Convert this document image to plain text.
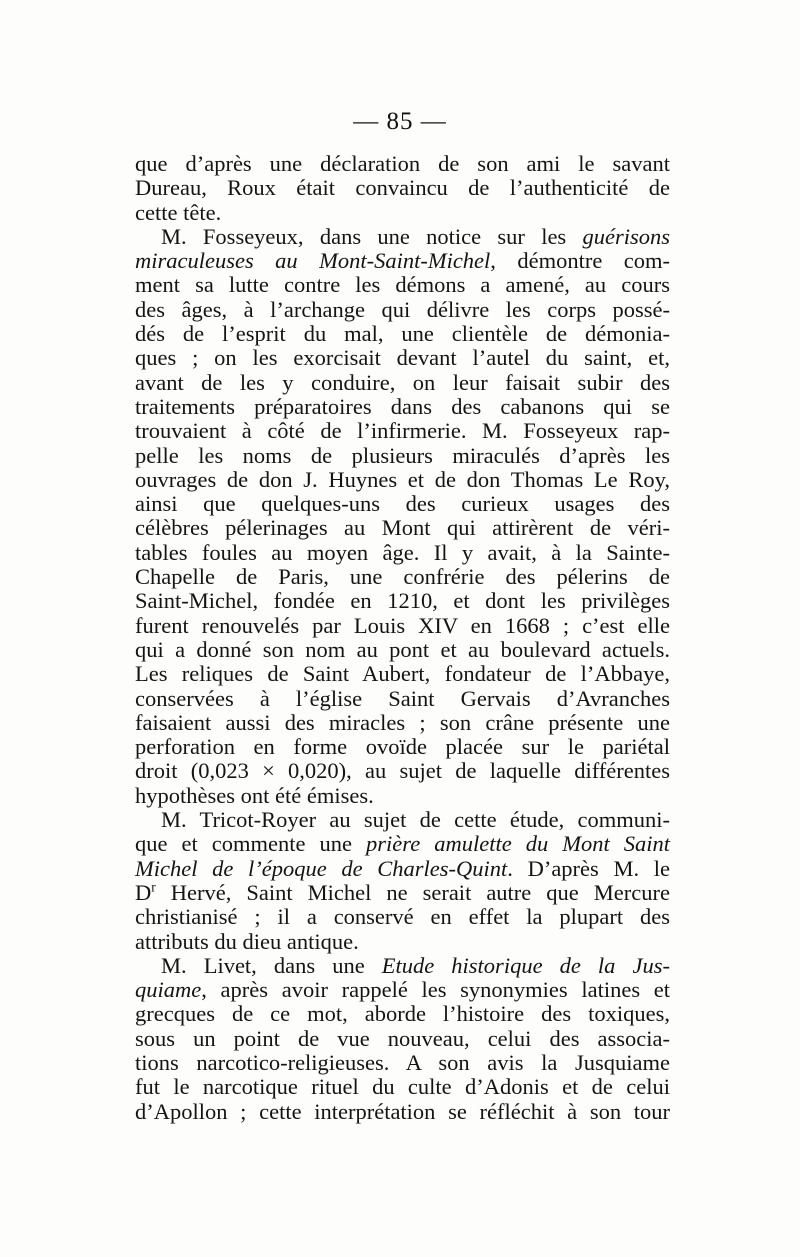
— 85 —
que d’après une déclaration de son ami le savant
Dureau, Roux était convaincu de l’authenticité de
cette tête.
M. Fosseyeux, dans une notice sur les guérisons
miraculeuses au Mont-Saint-Michel, démontre com-
ment sa lutte contre les démons a amené, au cours
des âges, à l’archange qui délivre les corps possé-
dés de l’esprit du mal, une clientèle de démonia-
ques ; on les exorcisait devant l’autel du saint, et,
avant de les y conduire, on leur faisait subir des
traitements préparatoires dans des cabanons qui se
trouvaient à côté de l’infirmerie. M. Fosseyeux rap-
pelle les noms de plusieurs miraculés d’après les
ouvrages de don J. Huynes et de don Thomas Le Roy,
ainsi que quelques-uns des curieux usages des
célèbres pélerinages au Mont qui attirèrent de véri-
tables foules au moyen âge. Il y avait, à la Sainte-
Chapelle de Paris, une confrérie des pélerins de
Saint-Michel, fondée en 1210, et dont les privilèges
furent renouvelés par Louis XIV en 1668 ; c’est elle
qui a donné son nom au pont et au boulevard actuels.
Les reliques de Saint Aubert, fondateur de l’Abbaye,
conservées à l’église Saint Gervais d’Avranches
faisaient aussi des miracles ; son crâne présente une
perforation en forme ovoïde placée sur le pariétal
droit (0,023 × 0,020), au sujet de laquelle différentes
hypothèses ont été émises.
M. Tricot-Royer au sujet de cette étude, communi-
que et commente une prière amulette du Mont Saint
Michel de l’époque de Charles-Quint. D’après M. le
$D^r$ Hervé, Saint Michel ne serait autre que Mercure
christianisé ; il a conservé en effet la plupart des
attributs du dieu antique.
M. Livet, dans une Etude historique de la Jus-
quiame, après avoir rappelé les synonymies latines et
grecques de ce mot, aborde l’histoire des toxiques,
sous un point de vue nouveau, celui des associa-
tions narcotico-religieuses. A son avis la Jusquiame
fut le narcotique rituel du culte d’Adonis et de celui
d’Apollon ; cette interprétation se réfléchit à son tour
